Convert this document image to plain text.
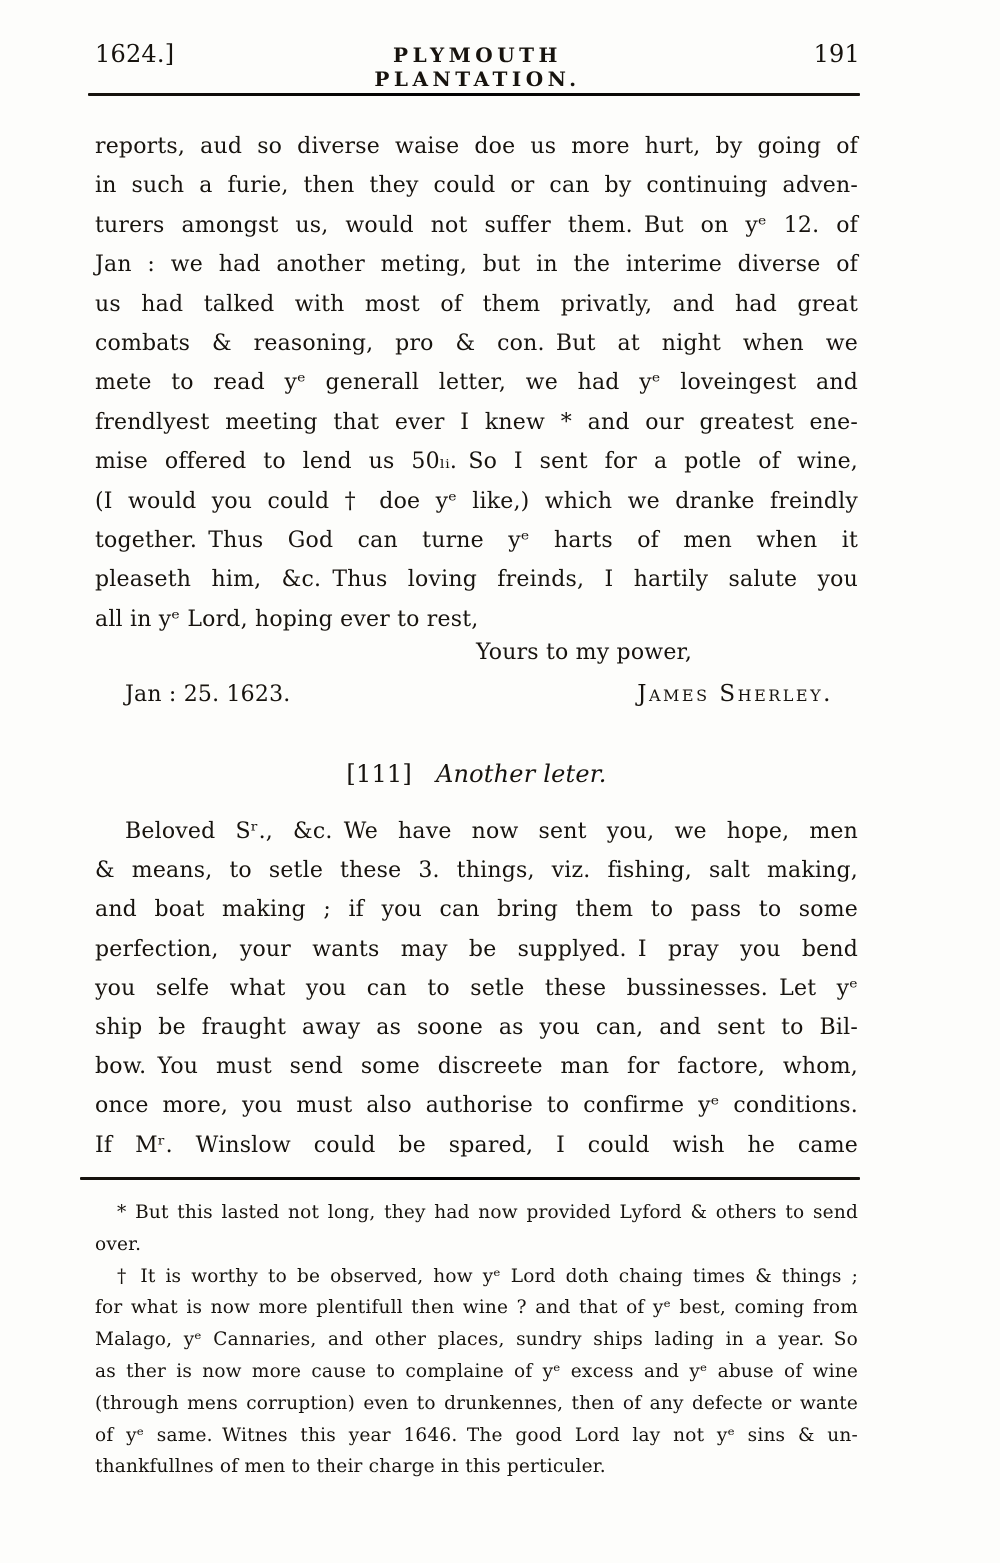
1624.]	PLYMOUTH PLANTATION.
191
reports, aud so diverse waise doe us more hurt, by going of
in such a furie, then they could or can by continuing adven-
turers amongst us, would not suffer them. But on yᵉ 12. of
Jan : we had another meting, but in the interime diverse of
us had talked with most of them privatly, and had great
combats & reasoning, pro & con. But at night when we
mete to read yᵉ generall letter, we had yᵉ loveingest and
frendlyest meeting that ever I knew * and our greatest ene-
mise offered to lend us 50ₗᵢ. So I sent for a potle of wine,
(I would you could † doe yᵉ like,) which we dranke freindly
together. Thus God can turne yᵉ harts of men when it
pleaseth him, &c. Thus loving freinds, I hartily salute you
all in yᵉ Lord, hoping ever to rest,
Yours to my power,
Jan : 25. 1623.	James Sherley.
[111] Another leter.
Beloved Sʳ., &c. We have now sent you, we hope, men
& means, to setle these 3. things, viz. fishing, salt making,
and boat making ; if you can bring them to pass to some
perfection, your wants may be supplyed. I pray you bend
you selfe what you can to setle these bussinesses. Let yᵉ
ship be fraught away as soone as you can, and sent to Bil-
bow. You must send some discreete man for factore, whom,
once more, you must also authorise to confirme yᵉ conditions.
If Mʳ. Winslow could be spared, I could wish he came
* But this lasted not long, they had now provided Lyford & others to send
over.
† It is worthy to be observed, how yᵉ Lord doth chaing times & things ;
for what is now more plentifull then wine ? and that of yᵉ best, coming from
Malago, yᵉ Cannaries, and other places, sundry ships lading in a year. So
as ther is now more cause to complaine of yᵉ excess and yᵉ abuse of wine
(through mens corruption) even to drunkennes, then of any defecte or wante
of yᵉ same. Witnes this year 1646. The good Lord lay not yᵉ sins & un-
thankfullnes of men to their charge in this perticuler.
